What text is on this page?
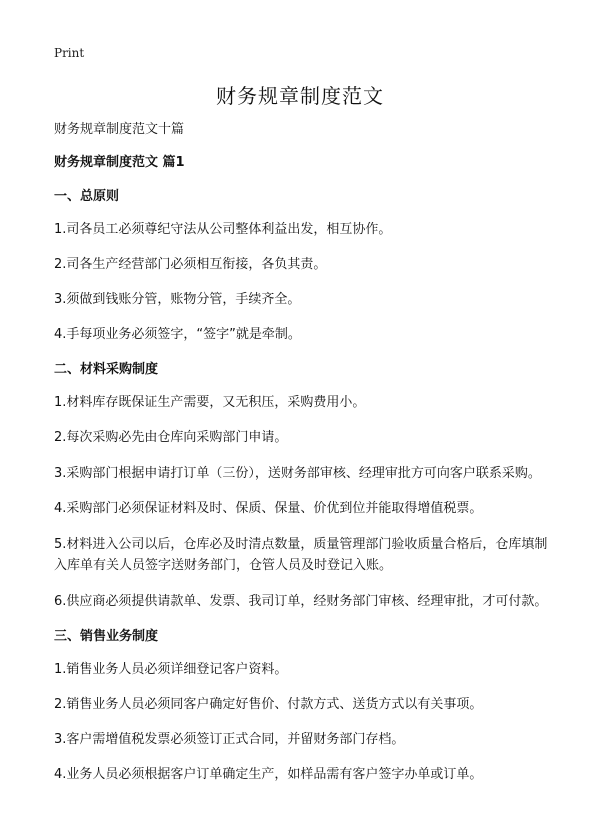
Print
财务规章制度范文

财务规章制度范文十篇

财务规章制度范文 篇1

一、总原则

1.司各员工必须尊纪守法从公司整体利益出发，相互协作。

2.司各生产经营部门必须相互衔接，各负其责。

3.须做到钱账分管，账物分管，手续齐全。

4.手每项业务必须签字，“签字”就是牵制。

二、材料采购制度

1.材料库存既保证生产需要，又无积压，采购费用小。

2.每次采购必先由仓库向采购部门申请。

3.采购部门根据申请打订单（三份），送财务部审核、经理审批方可向客户联系采购。

4.采购部门必须保证材料及时、保质、保量、价优到位并能取得增值税票。

5.材料进入公司以后，仓库必及时清点数量，质量管理部门验收质量合格后，仓库填制入库单有关人员签字送财务部门，仓管人员及时登记入账。

6.供应商必须提供请款单、发票、我司订单，经财务部门审核、经理审批，才可付款。

三、销售业务制度

1.销售业务人员必须详细登记客户资料。

2.销售业务人员必须同客户确定好售价、付款方式、送货方式以有关事项。

3.客户需增值税发票必须签订正式合同，并留财务部门存档。

4.业务人员必须根据客户订单确定生产，如样品需有客户签字办单或订单。
